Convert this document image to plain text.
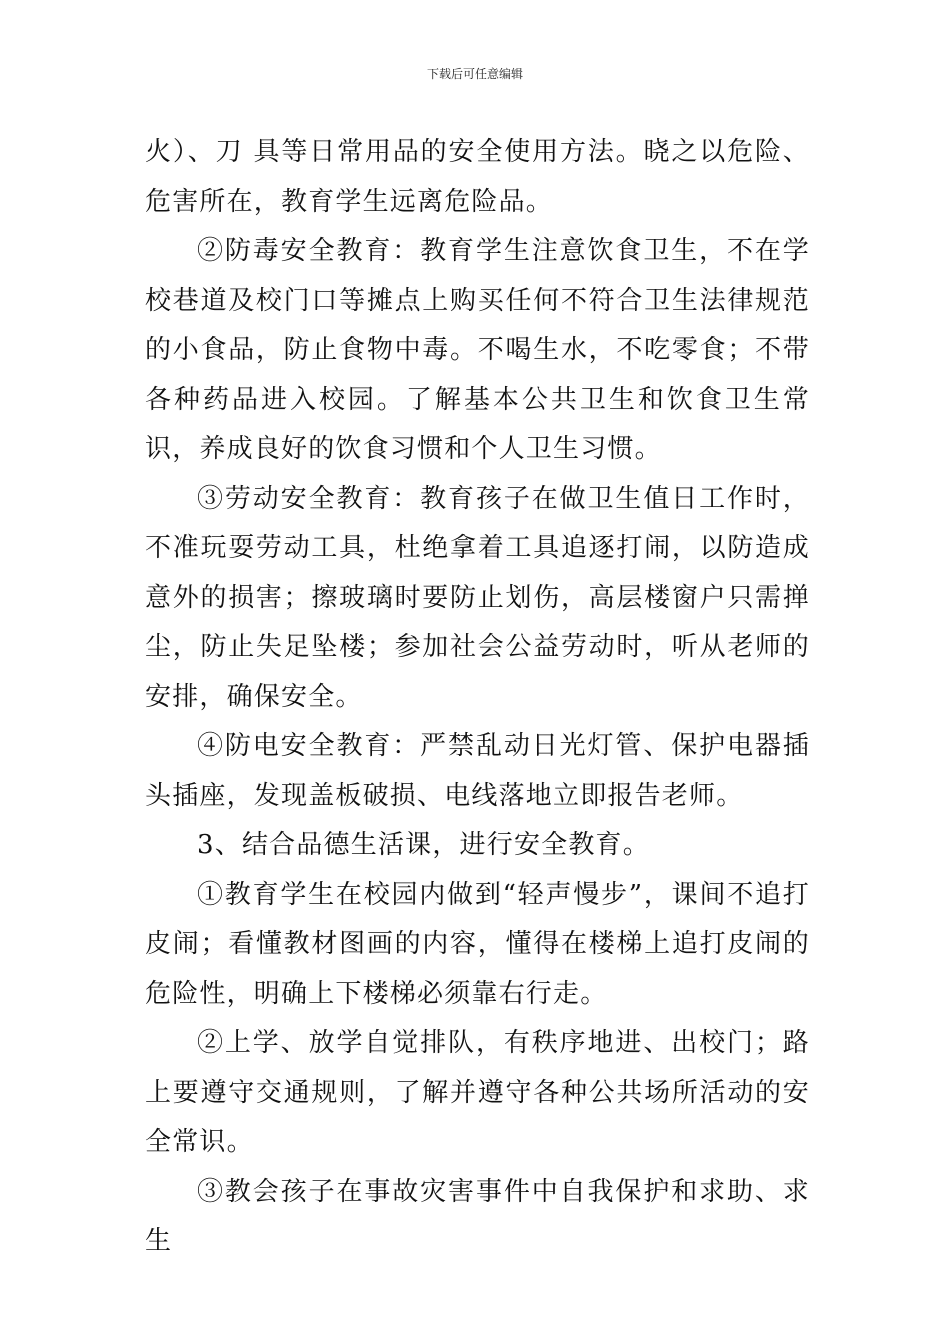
下载后可任意编辑

火）、刀 具等日常用品的安全使用方法。晓之以危险、危害所在，教育学生远离危险品。

②防毒安全教育：教育学生注意饮食卫生，不在学校巷道及校门口等摊点上购买任何不符合卫生法律规范的小食品，防止食物中毒。不喝生水，不吃零食；不带各种药品进入校园。了解基本公共卫生和饮食卫生常识，养成良好的饮食习惯和个人卫生习惯。

③劳动安全教育：教育孩子在做卫生值日工作时，不准玩耍劳动工具，杜绝拿着工具追逐打闹，以防造成意外的损害；擦玻璃时要防止划伤，高层楼窗户只需掸尘，防止失足坠楼；参加社会公益劳动时，听从老师的安排，确保安全。

④防电安全教育：严禁乱动日光灯管、保护电器插头插座，发现盖板破损、电线落地立即报告老师。

3、结合品德生活课，进行安全教育。

①教育学生在校园内做到“轻声慢步”，课间不追打皮闹；看懂教材图画的内容，懂得在楼梯上追打皮闹的危险性，明确上下楼梯必须靠右行走。

②上学、放学自觉排队，有秩序地进、出校门；路上要遵守交通规则，了解并遵守各种公共场所活动的安全常识。

③教会孩子在事故灾害事件中自我保护和求助、求生
